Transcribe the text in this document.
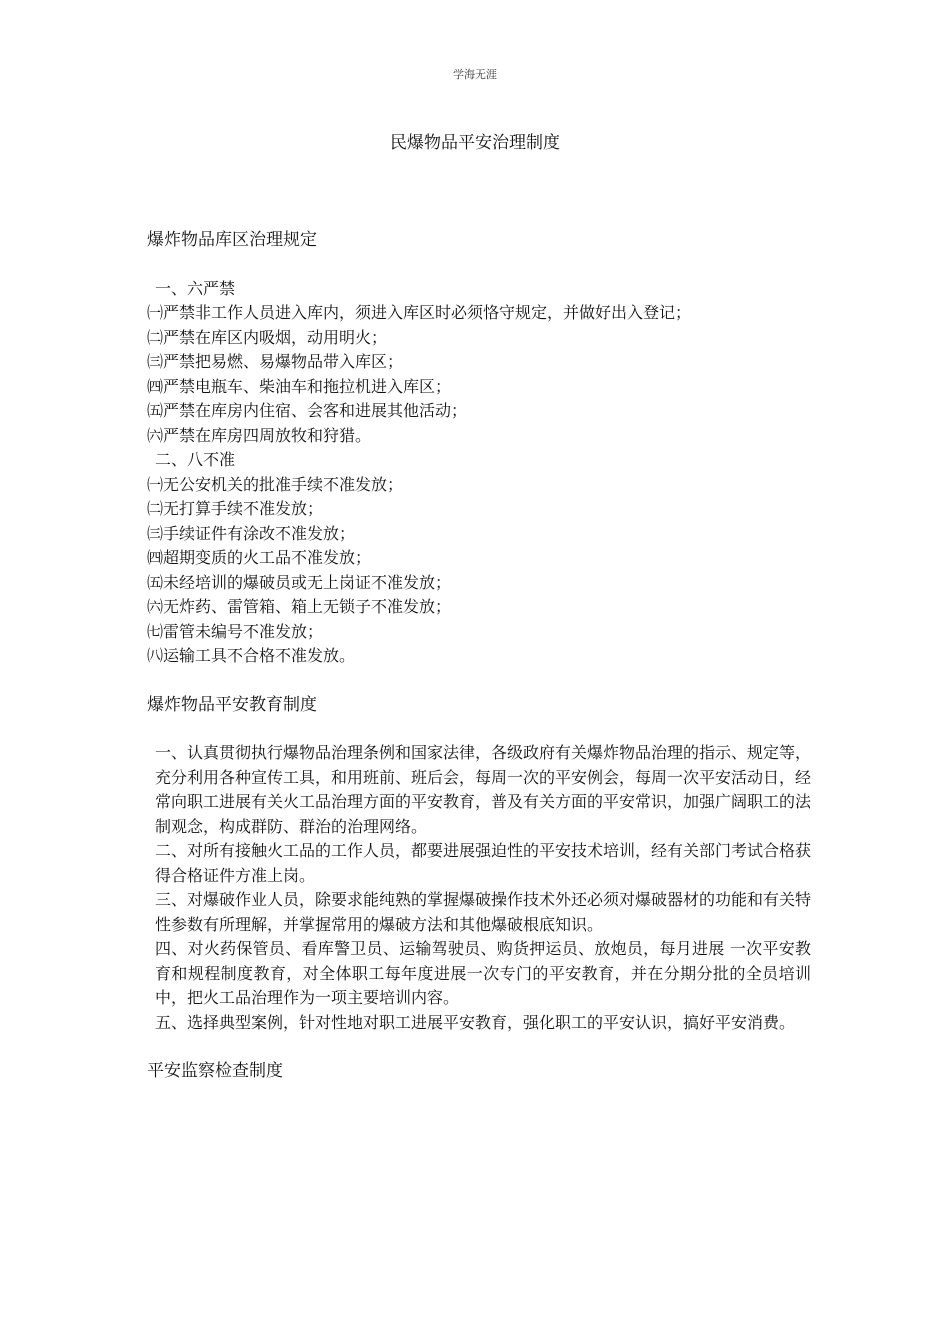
学海无涯
民爆物品平安治理制度

爆炸物品库区治理规定

一、六严禁

㈠严禁非工作人员进入库内，须进入库区时必须恪守规定，并做好出入登记；

㈡严禁在库区内吸烟，动用明火；

㈢严禁把易燃、易爆物品带入库区；

㈣严禁电瓶车、柴油车和拖拉机进入库区；

㈤严禁在库房内住宿、会客和进展其他活动；

㈥严禁在库房四周放牧和狩猎。

二、八不准

㈠无公安机关的批准手续不准发放；

㈡无打算手续不准发放；

㈢手续证件有涂改不准发放；

㈣超期变质的火工品不准发放；

㈤未经培训的爆破员或无上岗证不准发放；

㈥无炸药、雷管箱、箱上无锁子不准发放；

㈦雷管未编号不准发放；

㈧运输工具不合格不准发放。

爆炸物品平安教育制度

一、认真贯彻执行爆物品治理条例和国家法律，各级政府有关爆炸物品治理的指示、规定等，充分利用各种宣传工具，和用班前、班后会，每周一次的平安例会，每周一次平安活动日，经常向职工进展有关火工品治理方面的平安教育，普及有关方面的平安常识，加强广阔职工的法制观念，构成群防、群治的治理网络。

二、对所有接触火工品的工作人员，都要进展强迫性的平安技术培训，经有关部门考试合格获得合格证件方准上岗。

三、对爆破作业人员，除要求能纯熟的掌握爆破操作技术外还必须对爆破器材的功能和有关特性参数有所理解，并掌握常用的爆破方法和其他爆破根底知识。

四、对火药保管员、看库警卫员、运输驾驶员、购货押运员、放炮员，每月进展 一次平安教育和规程制度教育，对全体职工每年度进展一次专门的平安教育，并在分期分批的全员培训中，把火工品治理作为一项主要培训内容。

五、选择典型案例，针对性地对职工进展平安教育，强化职工的平安认识，搞好平安消费。

平安监察检查制度
